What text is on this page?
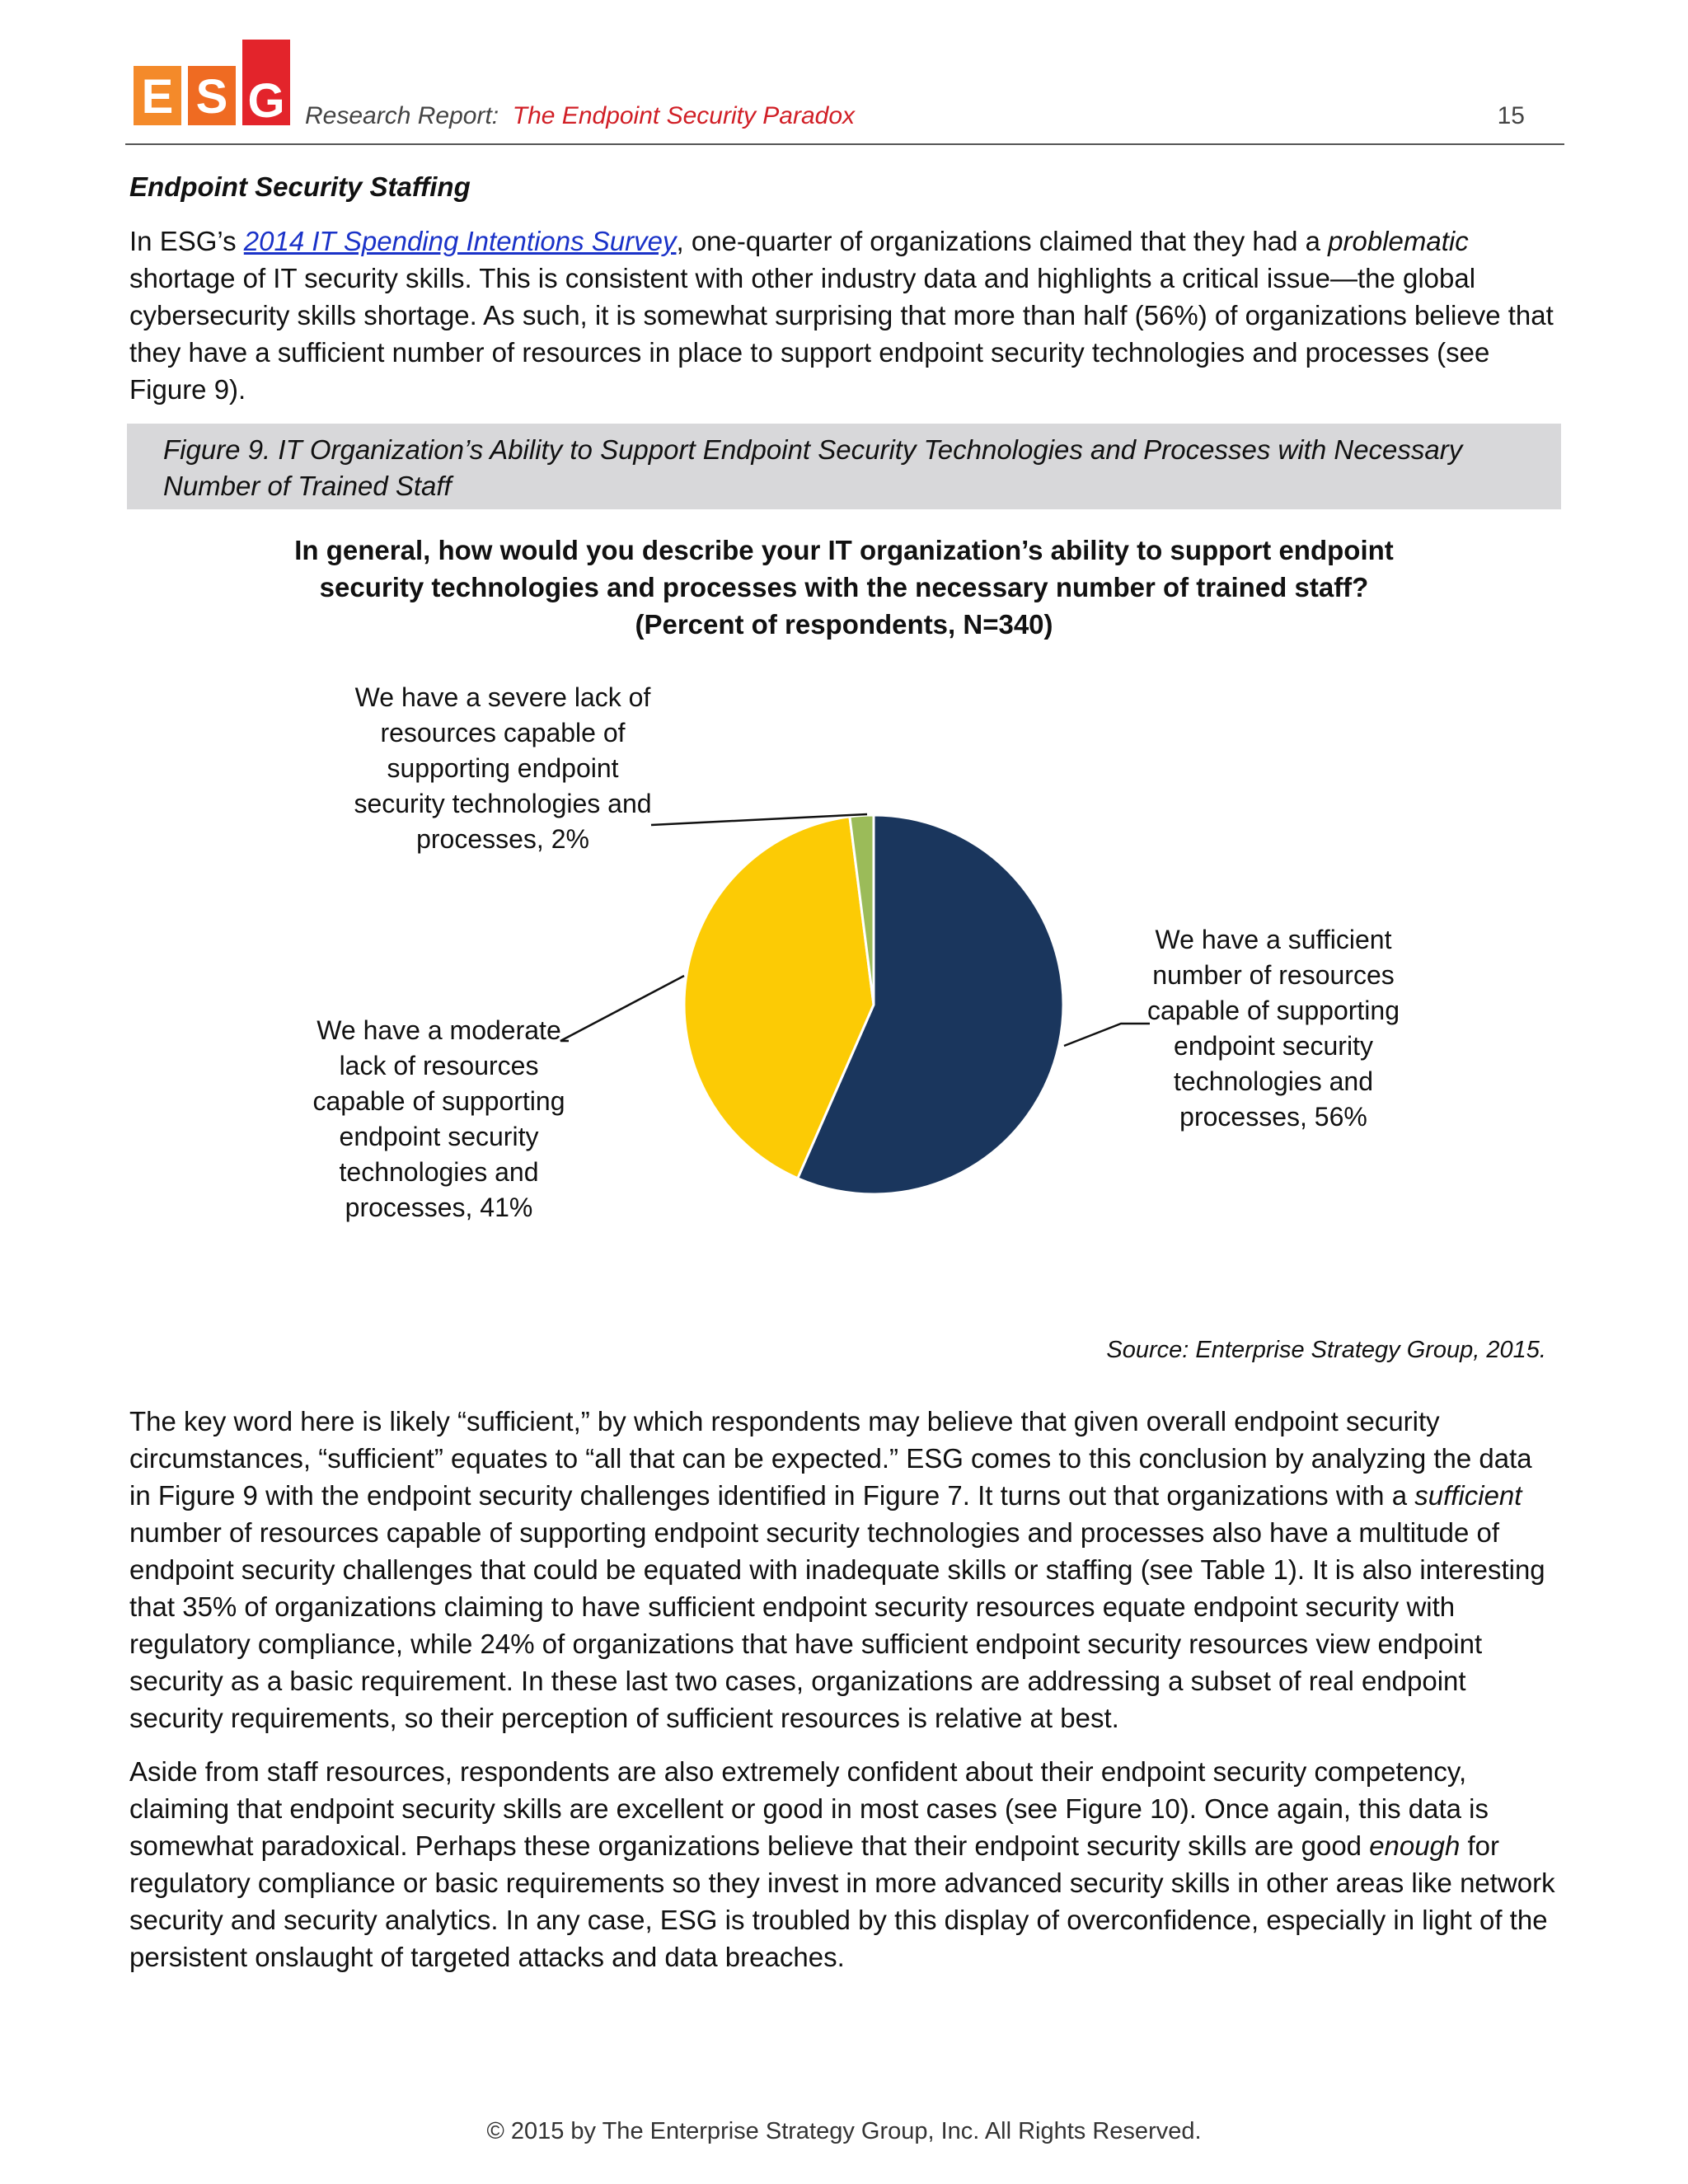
E S G Research Report: The Endpoint Security Paradox	15
Endpoint Security Staffing
In ESG’s 2014 IT Spending Intentions Survey, one-quarter of organizations claimed that they had a problematic shortage of IT security skills. This is consistent with other industry data and highlights a critical issue—the global cybersecurity skills shortage. As such, it is somewhat surprising that more than half (56%) of organizations believe that they have a sufficient number of resources in place to support endpoint security technologies and processes (see Figure 9).
Figure 9. IT Organization’s Ability to Support Endpoint Security Technologies and Processes with Necessary Number of Trained Staff
In general, how would you describe your IT organization’s ability to support endpoint
security technologies and processes with the necessary number of trained staff?
(Percent of respondents, N=340)
We have a severe lack of
resources capable of
supporting endpoint
security technologies and
processes, 2%
We have a moderate
lack of resources
capable of supporting
endpoint security
technologies and
processes, 41%
We have a sufficient
number of resources
capable of supporting
endpoint security
technologies and
processes, 56%
Source: Enterprise Strategy Group, 2015.
The key word here is likely “sufficient,” by which respondents may believe that given overall endpoint security circumstances, “sufficient” equates to “all that can be expected.” ESG comes to this conclusion by analyzing the data in Figure 9 with the endpoint security challenges identified in Figure 7. It turns out that organizations with a sufficient number of resources capable of supporting endpoint security technologies and processes also have a multitude of endpoint security challenges that could be equated with inadequate skills or staffing (see Table 1). It is also interesting that 35% of organizations claiming to have sufficient endpoint security resources equate endpoint security with regulatory compliance, while 24% of organizations that have sufficient endpoint security resources view endpoint security as a basic requirement. In these last two cases, organizations are addressing a subset of real endpoint security requirements, so their perception of sufficient resources is relative at best.
Aside from staff resources, respondents are also extremely confident about their endpoint security competency, claiming that endpoint security skills are excellent or good in most cases (see Figure 10). Once again, this data is somewhat paradoxical. Perhaps these organizations believe that their endpoint security skills are good enough for regulatory compliance or basic requirements so they invest in more advanced security skills in other areas like network security and security analytics. In any case, ESG is troubled by this display of overconfidence, especially in light of the persistent onslaught of targeted attacks and data breaches.
© 2015 by The Enterprise Strategy Group, Inc. All Rights Reserved.
